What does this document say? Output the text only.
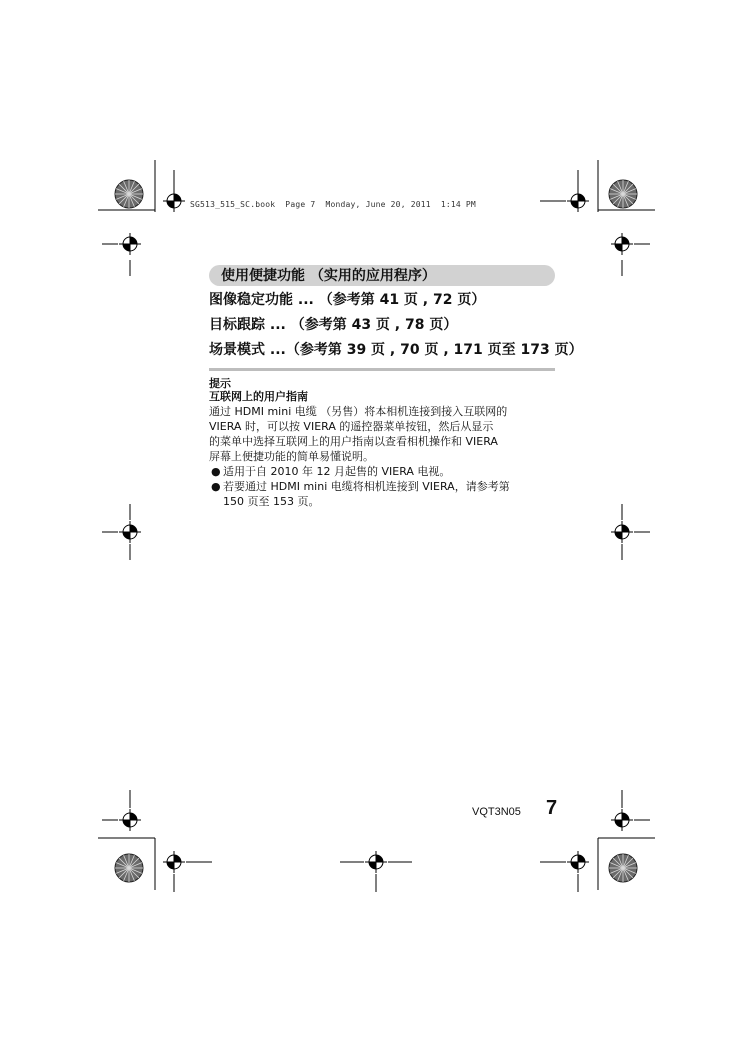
SG513_515_SC.book  Page 7  Monday, June 20, 2011  1:14 PM
使用便捷功能 （实用的应用程序）
图像稳定功能 ... （参考第 41 页 , 72 页）
目标跟踪 ... （参考第 43 页 , 78 页）
场景模式 ...（参考第 39 页 , 70 页 , 171 页至 173 页）
提示
互联网上的用户指南

通过 HDMI mini 电缆 （另售）将本相机连接到接入互联网的

VIERA 时，可以按 VIERA 的遥控器菜单按钮，然后从显示

的菜单中选择互联网上的用户指南以查看相机操作和 VIERA

屏幕上便捷功能的简单易懂说明。

● 适用于自 2010 年 12 月起售的 VIERA 电视。

● 若要通过 HDMI mini 电缆将相机连接到 VIERA，请参考第

150 页至 153 页。

VQT3N05 7
